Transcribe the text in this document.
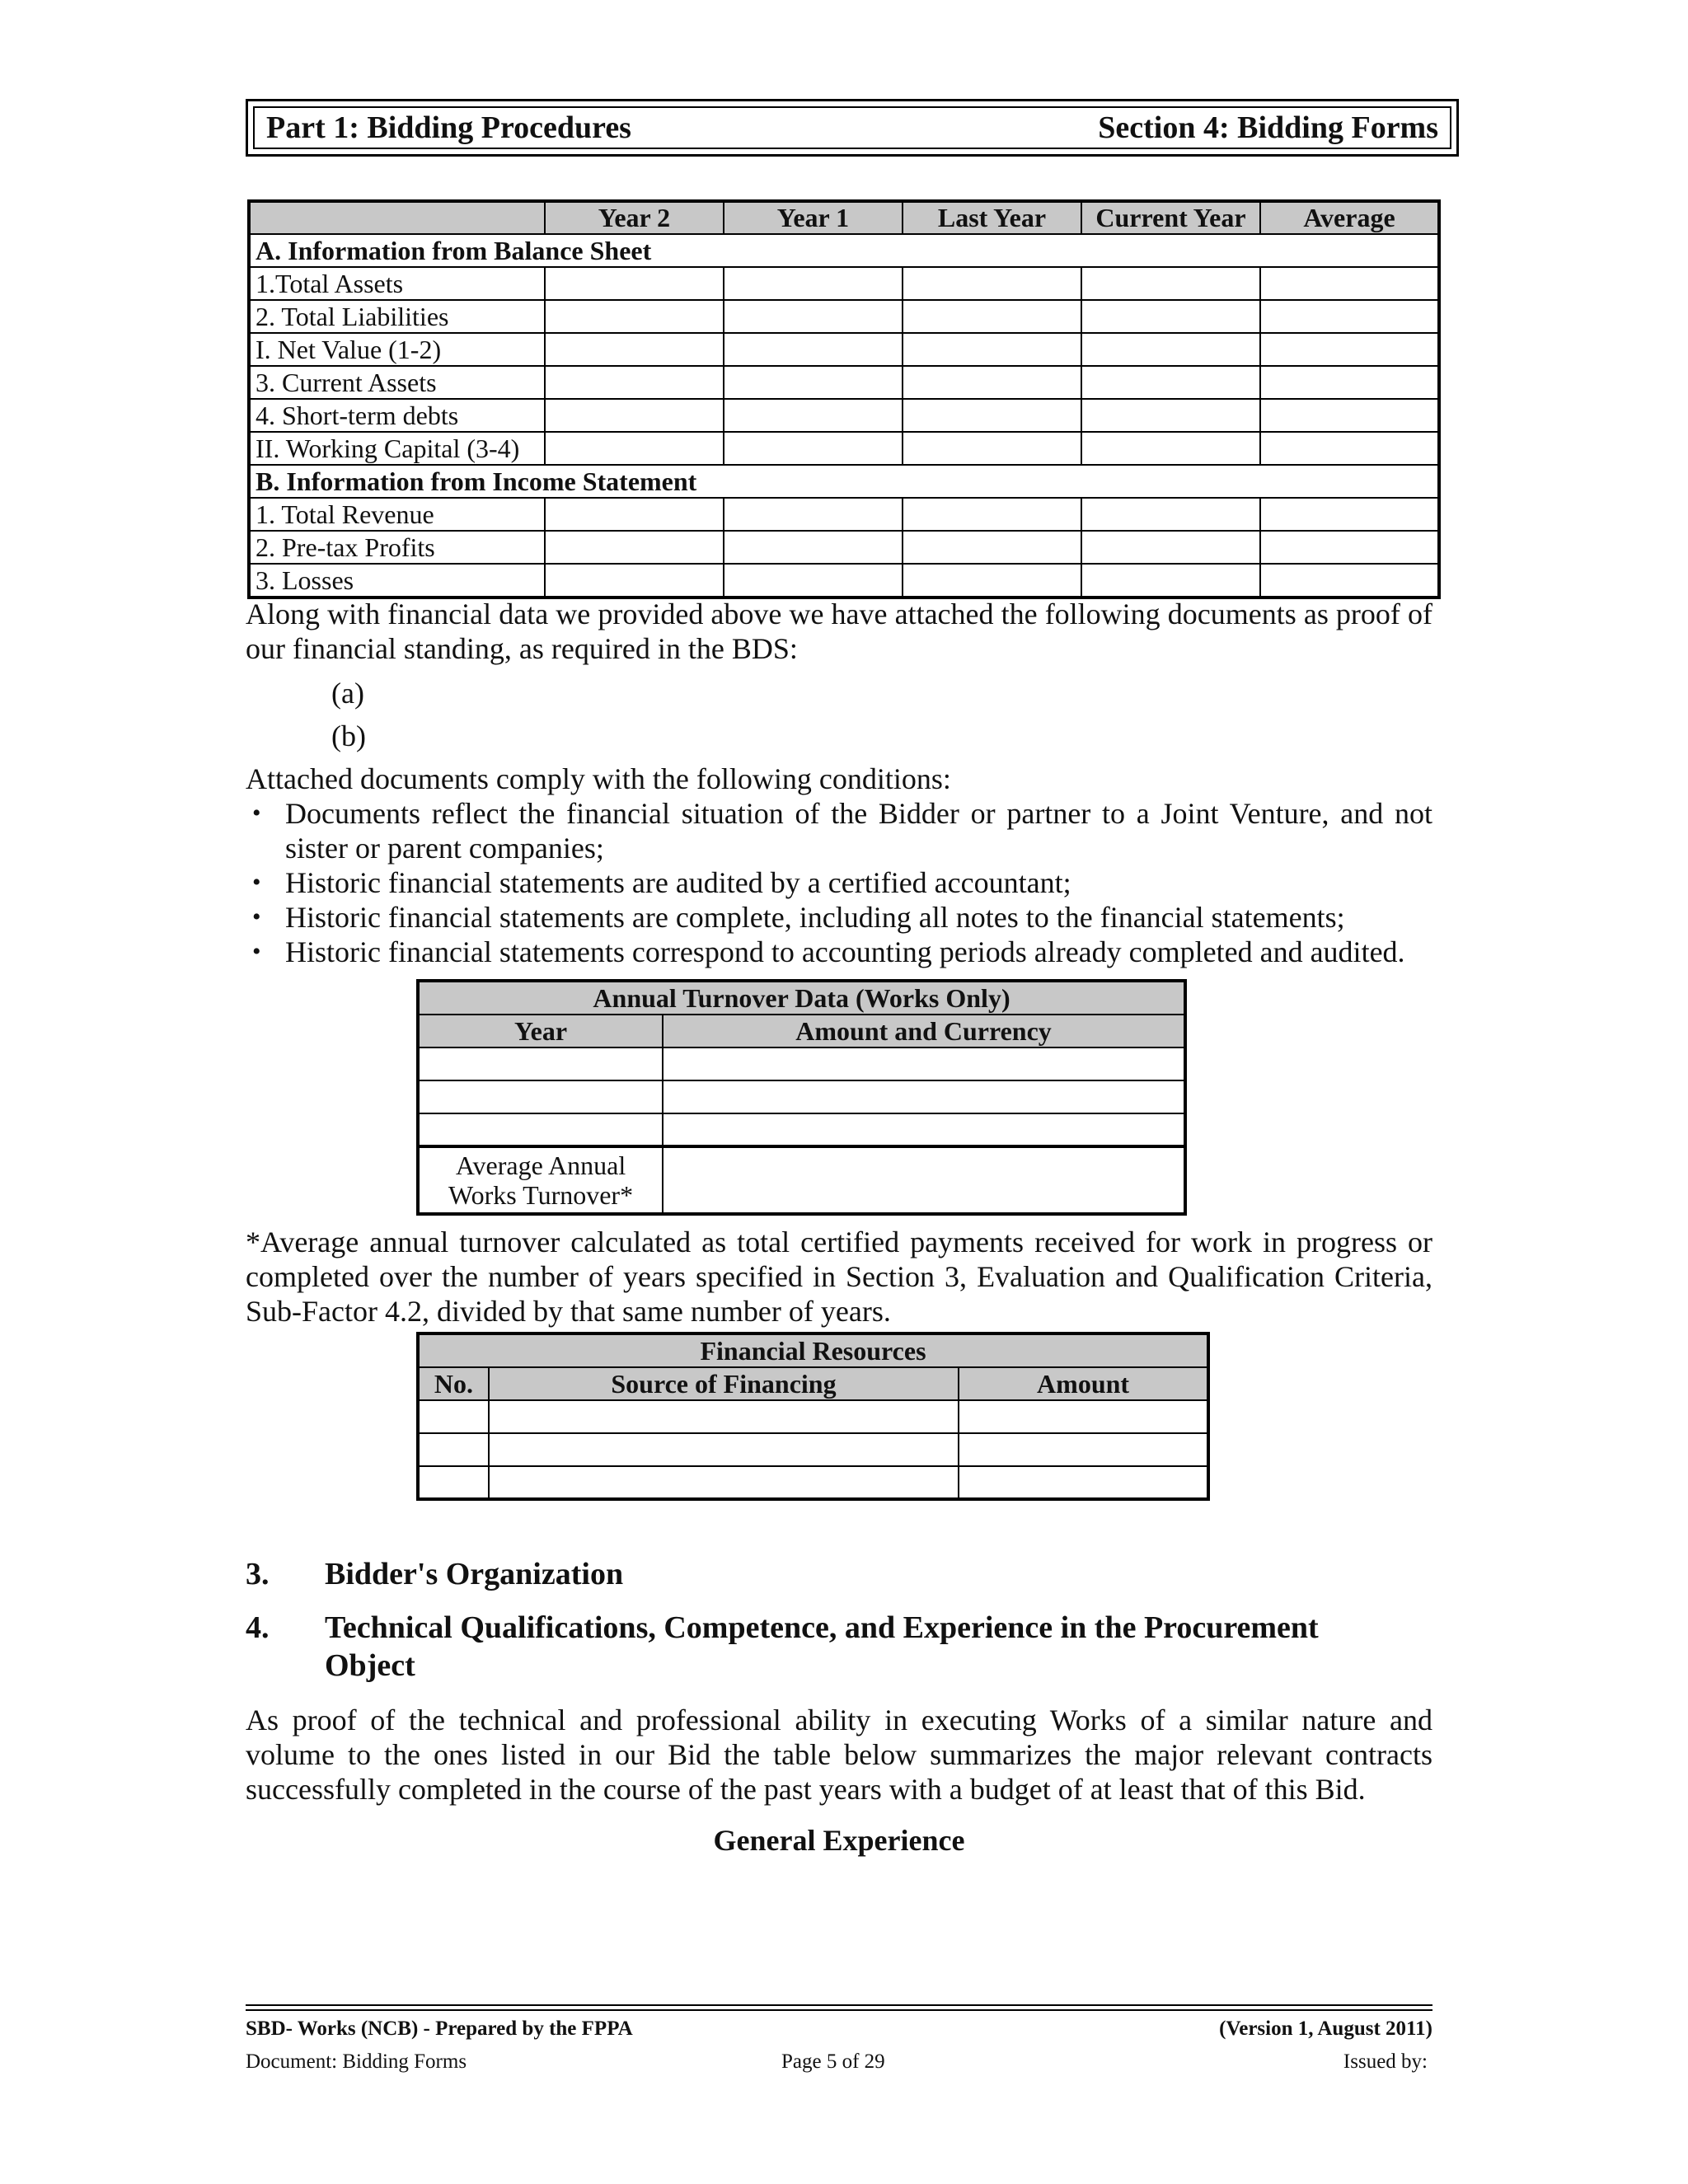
Part 1: Bidding Procedures	Section 4: Bidding Forms
	Year 2	Year 1	Last Year	Current Year	Average
A. Information from Balance Sheet					
1.Total Assets					
2. Total Liabilities					
I. Net Value (1-2)					
3. Current Assets					
4. Short-term debts					
II. Working Capital (3-4)					
B. Information from Income Statement					
1. Total Revenue					
2. Pre-tax Profits					
3. Losses					
Along with financial data we provided above we have attached the following documents as proof of our financial standing, as required in the BDS:
(a)
(b)
Attached documents comply with the following conditions:
• Documents reflect the financial situation of the Bidder or partner to a Joint Venture, and not sister or parent companies;
• Historic financial statements are audited by a certified accountant;
• Historic financial statements are complete, including all notes to the financial statements;
• Historic financial statements correspond to accounting periods already completed and audited.
Annual Turnover Data (Works Only)	
Year	Amount and Currency

Average Annual
Works Turnover*	
*Average annual turnover calculated as total certified payments received for work in progress or completed over the number of years specified in Section 3, Evaluation and Qualification Criteria, Sub-Factor 4.2, divided by that same number of years.
Financial Resources		
No.	Source of Financing	Amount

3. Bidder's Organization
4. Technical Qualifications, Competence, and Experience in the Procurement
Object
As proof of the technical and professional ability in executing Works of a similar nature and volume to the ones listed in our Bid the table below summarizes the major relevant contracts successfully completed in the course of the past years with a budget of at least that of this Bid.
General Experience
SBD- Works (NCB) - Prepared by the FPPA	(Version 1, August 2011)
Document: Bidding Forms	Page 5 of 29	Issued by:
